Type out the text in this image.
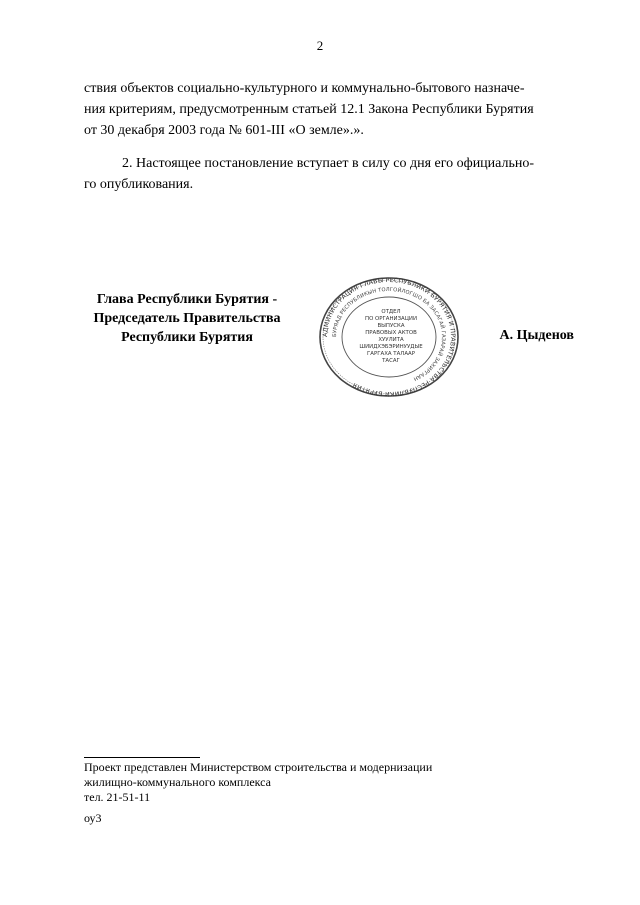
2
ствия объектов социально-культурного и коммунально-бытового назначе-
ния критериям, предусмотренным статьей 12.1 Закона Республики Бурятия
от 30 декабря 2003 года № 601-III «О земле».».
2. Настоящее постановление вступает в силу со дня его официально-
го опубликования.
Глава Республики Бурятия -
Председатель Правительства
Республики Бурятия	АДМИНИСТРАЦИЯ ГЛАВЫ РЕСПУБЛИКИ БУРЯТИЯ И ПРАВИТЕЛЬСТВА РЕСПУБЛИКИ БУРЯТИЯ
БУРЯАД РЕСПУБЛИКЫН ТОЛГОЙЛОГШО БА ЗАСАГАЙ ГАЗАРАЙ ЗАХИРГААН
ОТДЕЛ
ПО ОРГАНИЗАЦИИ
ВЫПУСКА
ПРАВОВЫХ АКТОВ
ХУУЛИТА
ШИИДХЭБЭРИНУУДЫЕ
ГАРГАХА ТАЛААР
ТАСАГ
А. Цыденов
Проект представлен Министерством строительства и модернизации
жилищно-коммунального комплекса
тел. 21-51-11
оу3
